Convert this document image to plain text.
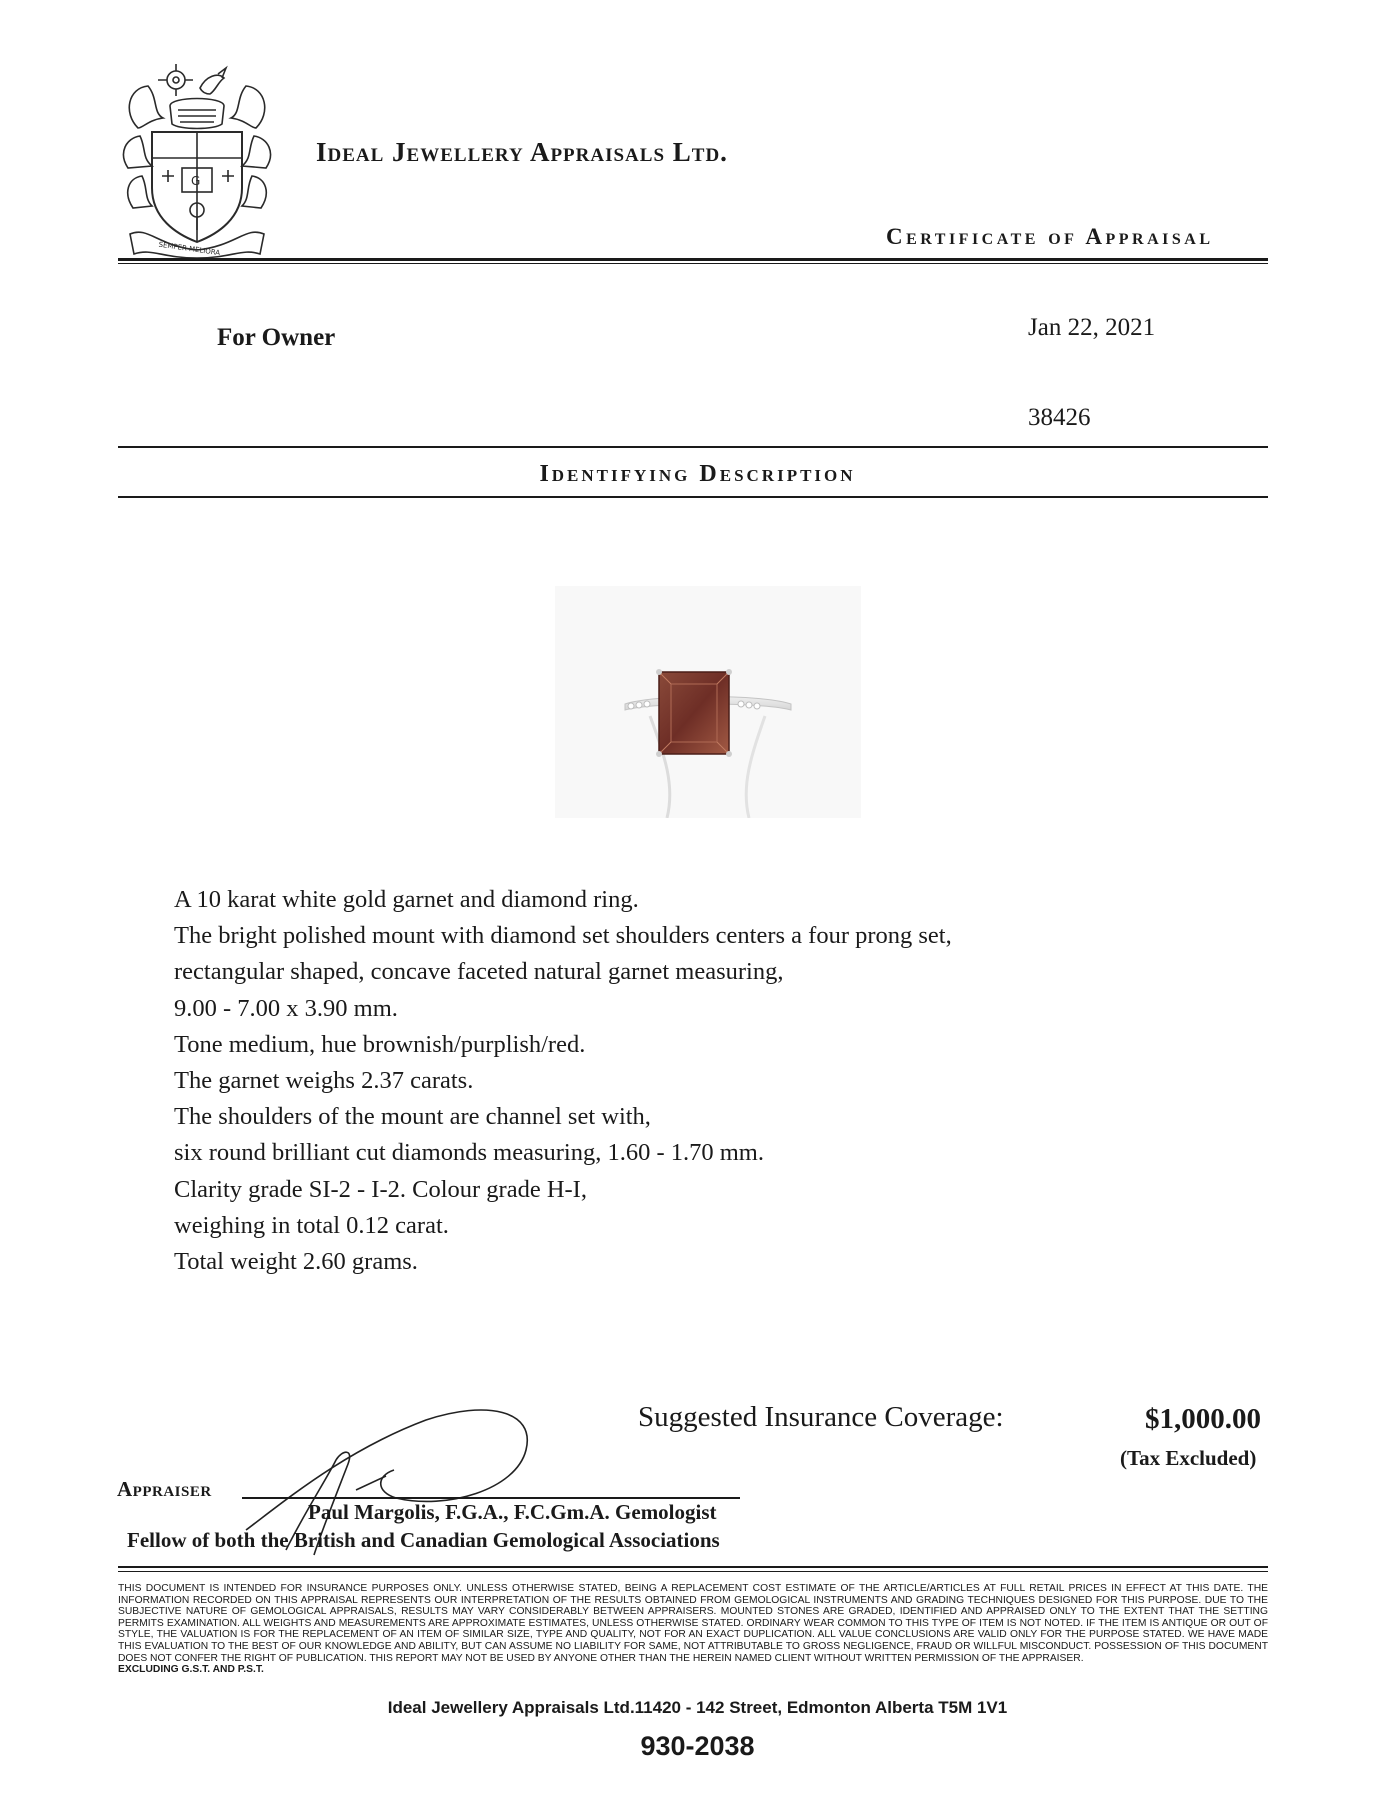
G
SEMPER MELIORA
Ideal Jewellery Appraisals Ltd.
Certificate of Appraisal
For Owner	Jan 22, 2021
38426
Identifying Description
A 10 karat white gold garnet and diamond ring.
The bright polished mount with diamond set shoulders centers a four prong set,
rectangular shaped, concave faceted natural garnet measuring,
9.00 - 7.00 x 3.90 mm.
Tone medium, hue brownish/purplish/red.
The garnet weighs 2.37 carats.
The shoulders of the mount are channel set with,
six round brilliant cut diamonds measuring, 1.60 - 1.70 mm.
Clarity grade SI-2 - I-2. Colour grade H-I,
weighing in total 0.12 carat.
Total weight 2.60 grams.
Suggested Insurance Coverage:	$1,000.00
(Tax Excluded)
Appraiser
Paul Margolis, F.G.A., F.C.Gm.A. Gemologist
Fellow of both the British and Canadian Gemological Associations
THIS DOCUMENT IS INTENDED FOR INSURANCE PURPOSES ONLY. UNLESS OTHERWISE STATED, BEING A REPLACEMENT COST ESTIMATE OF THE ARTICLE/ARTICLES AT FULL RETAIL PRICES IN EFFECT AT THIS DATE. THE INFORMATION RECORDED ON THIS APPRAISAL REPRESENTS OUR INTERPRETATION OF THE RESULTS OBTAINED FROM GEMOLOGICAL INSTRUMENTS AND GRADING TECHNIQUES DESIGNED FOR THIS PURPOSE. DUE TO THE SUBJECTIVE NATURE OF GEMOLOGICAL APPRAISALS, RESULTS MAY VARY CONSIDERABLY BETWEEN APPRAISERS. MOUNTED STONES ARE GRADED, IDENTIFIED AND APPRAISED ONLY TO THE EXTENT THAT THE SETTING PERMITS EXAMINATION. ALL WEIGHTS AND MEASUREMENTS ARE APPROXIMATE ESTIMATES, UNLESS OTHERWISE STATED. ORDINARY WEAR COMMON TO THIS TYPE OF ITEM IS NOT NOTED. IF THE ITEM IS ANTIQUE OR OUT OF STYLE, THE VALUATION IS FOR THE REPLACEMENT OF AN ITEM OF SIMILAR SIZE, TYPE AND QUALITY, NOT FOR AN EXACT DUPLICATION. ALL VALUE CONCLUSIONS ARE VALID ONLY FOR THE PURPOSE STATED. WE HAVE MADE THIS EVALUATION TO THE BEST OF OUR KNOWLEDGE AND ABILITY, BUT CAN ASSUME NO LIABILITY FOR SAME, NOT ATTRIBUTABLE TO GROSS NEGLIGENCE, FRAUD OR WILLFUL MISCONDUCT. POSSESSION OF THIS DOCUMENT DOES NOT CONFER THE RIGHT OF PUBLICATION. THIS REPORT MAY NOT BE USED BY ANYONE OTHER THAN THE HEREIN NAMED CLIENT WITHOUT WRITTEN PERMISSION OF THE APPRAISER.
EXCLUDING G.S.T. AND P.S.T.
Ideal Jewellery Appraisals Ltd.11420 - 142 Street, Edmonton Alberta T5M 1V1
930-2038
